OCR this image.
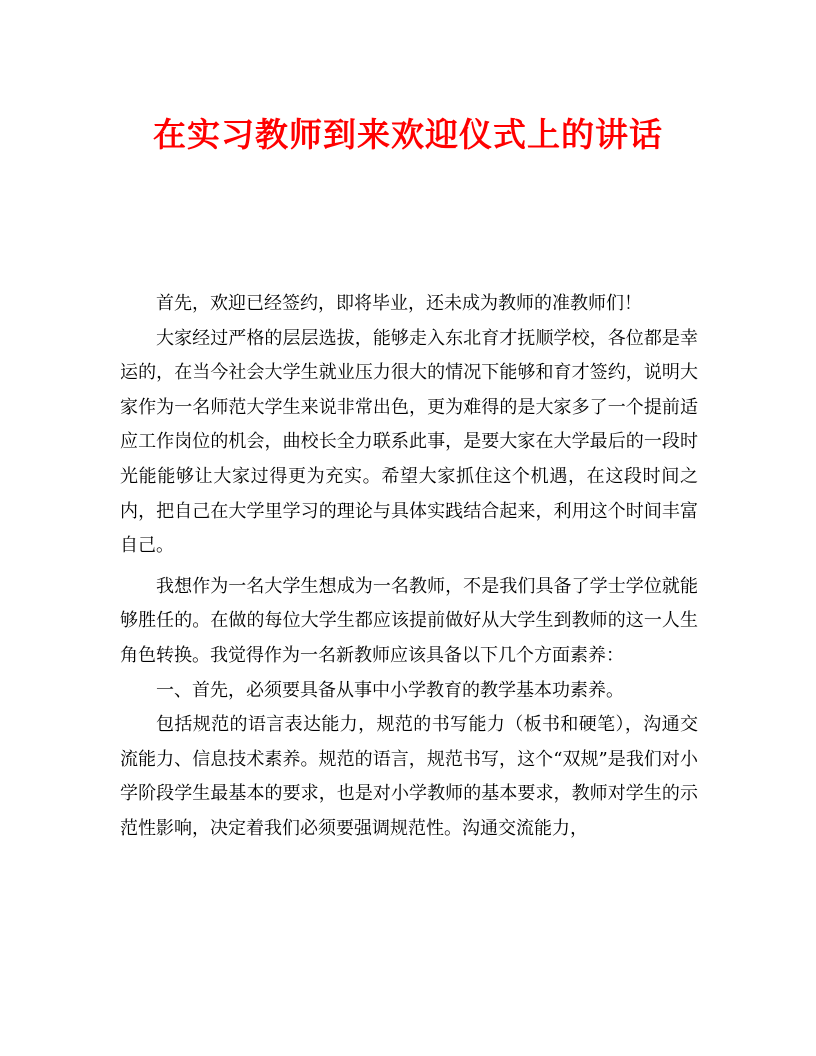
在实习教师到来欢迎仪式上的讲话

首先，欢迎已经签约，即将毕业，还未成为教师的准教师们！

大家经过严格的层层选拔，能够走入东北育才抚顺学校，各位都是幸运的，在当今社会大学生就业压力很大的情况下能够和育才签约，说明大家作为一名师范大学生来说非常出色，更为难得的是大家多了一个提前适应工作岗位的机会，曲校长全力联系此事，是要大家在大学最后的一段时光能能够让大家过得更为充实。希望大家抓住这个机遇，在这段时间之内，把自己在大学里学习的理论与具体实践结合起来，利用这个时间丰富自己。

我想作为一名大学生想成为一名教师，不是我们具备了学士学位就能够胜任的。在做的每位大学生都应该提前做好从大学生到教师的这一人生角色转换。我觉得作为一名新教师应该具备以下几个方面素养：

一、首先，必须要具备从事中小学教育的教学基本功素养。

包括规范的语言表达能力，规范的书写能力（板书和硬笔），沟通交流能力、信息技术素养。规范的语言，规范书写，这个“双规”是我们对小学阶段学生最基本的要求，也是对小学教师的基本要求，教师对学生的示范性影响，决定着我们必须要强调规范性。沟通交流能力，
